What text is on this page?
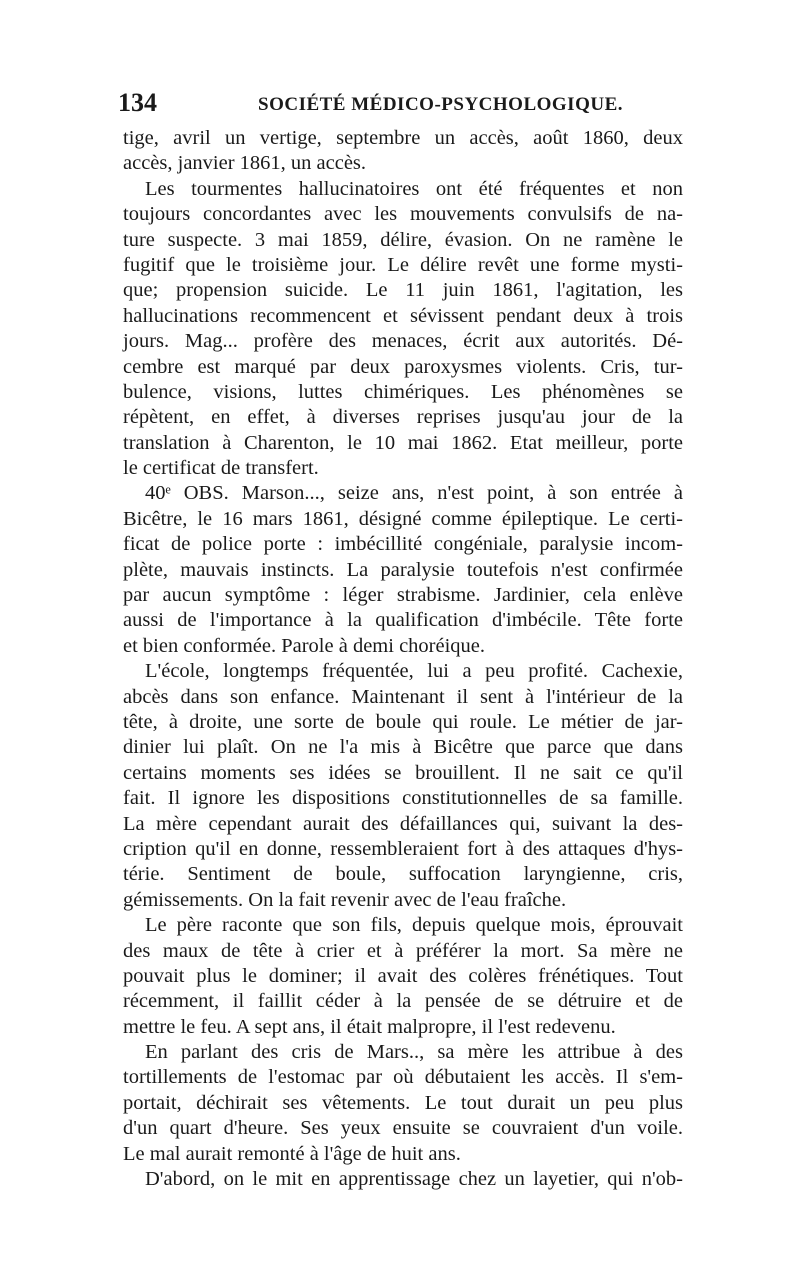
134	SOCIÉTÉ MÉDICO-PSYCHOLOGIQUE.
tige, avril un vertige, septembre un accès, août 1860, deux
accès, janvier 1861, un accès.
Les tourmentes hallucinatoires ont été fréquentes et non
toujours concordantes avec les mouvements convulsifs de na-
ture suspecte. 3 mai 1859, délire, évasion. On ne ramène le
fugitif que le troisième jour. Le délire revêt une forme mysti-
que; propension suicide. Le 11 juin 1861, l'agitation, les
hallucinations recommencent et sévissent pendant deux à trois
jours. Mag... profère des menaces, écrit aux autorités. Dé-
cembre est marqué par deux paroxysmes violents. Cris, tur-
bulence, visions, luttes chimériques. Les phénomènes se
répètent, en effet, à diverses reprises jusqu'au jour de la
translation à Charenton, le 10 mai 1862. Etat meilleur, porte
le certificat de transfert.
40ᵉ OBS. Marson..., seize ans, n'est point, à son entrée à
Bicêtre, le 16 mars 1861, désigné comme épileptique. Le certi-
ficat de police porte : imbécillité congéniale, paralysie incom-
plète, mauvais instincts. La paralysie toutefois n'est confirmée
par aucun symptôme : léger strabisme. Jardinier, cela enlève
aussi de l'importance à la qualification d'imbécile. Tête forte
et bien conformée. Parole à demi choréique.
L'école, longtemps fréquentée, lui a peu profité. Cachexie,
abcès dans son enfance. Maintenant il sent à l'intérieur de la
tête, à droite, une sorte de boule qui roule. Le métier de jar-
dinier lui plaît. On ne l'a mis à Bicêtre que parce que dans
certains moments ses idées se brouillent. Il ne sait ce qu'il
fait. Il ignore les dispositions constitutionnelles de sa famille.
La mère cependant aurait des défaillances qui, suivant la des-
cription qu'il en donne, ressembleraient fort à des attaques d'hys-
térie. Sentiment de boule, suffocation laryngienne, cris,
gémissements. On la fait revenir avec de l'eau fraîche.
Le père raconte que son fils, depuis quelque mois, éprouvait
des maux de tête à crier et à préférer la mort. Sa mère ne
pouvait plus le dominer; il avait des colères frénétiques. Tout
récemment, il faillit céder à la pensée de se détruire et de
mettre le feu. A sept ans, il était malpropre, il l'est redevenu.
En parlant des cris de Mars.., sa mère les attribue à des
tortillements de l'estomac par où débutaient les accès. Il s'em-
portait, déchirait ses vêtements. Le tout durait un peu plus
d'un quart d'heure. Ses yeux ensuite se couvraient d'un voile.
Le mal aurait remonté à l'âge de huit ans.
D'abord, on le mit en apprentissage chez un layetier, qui n'ob-
